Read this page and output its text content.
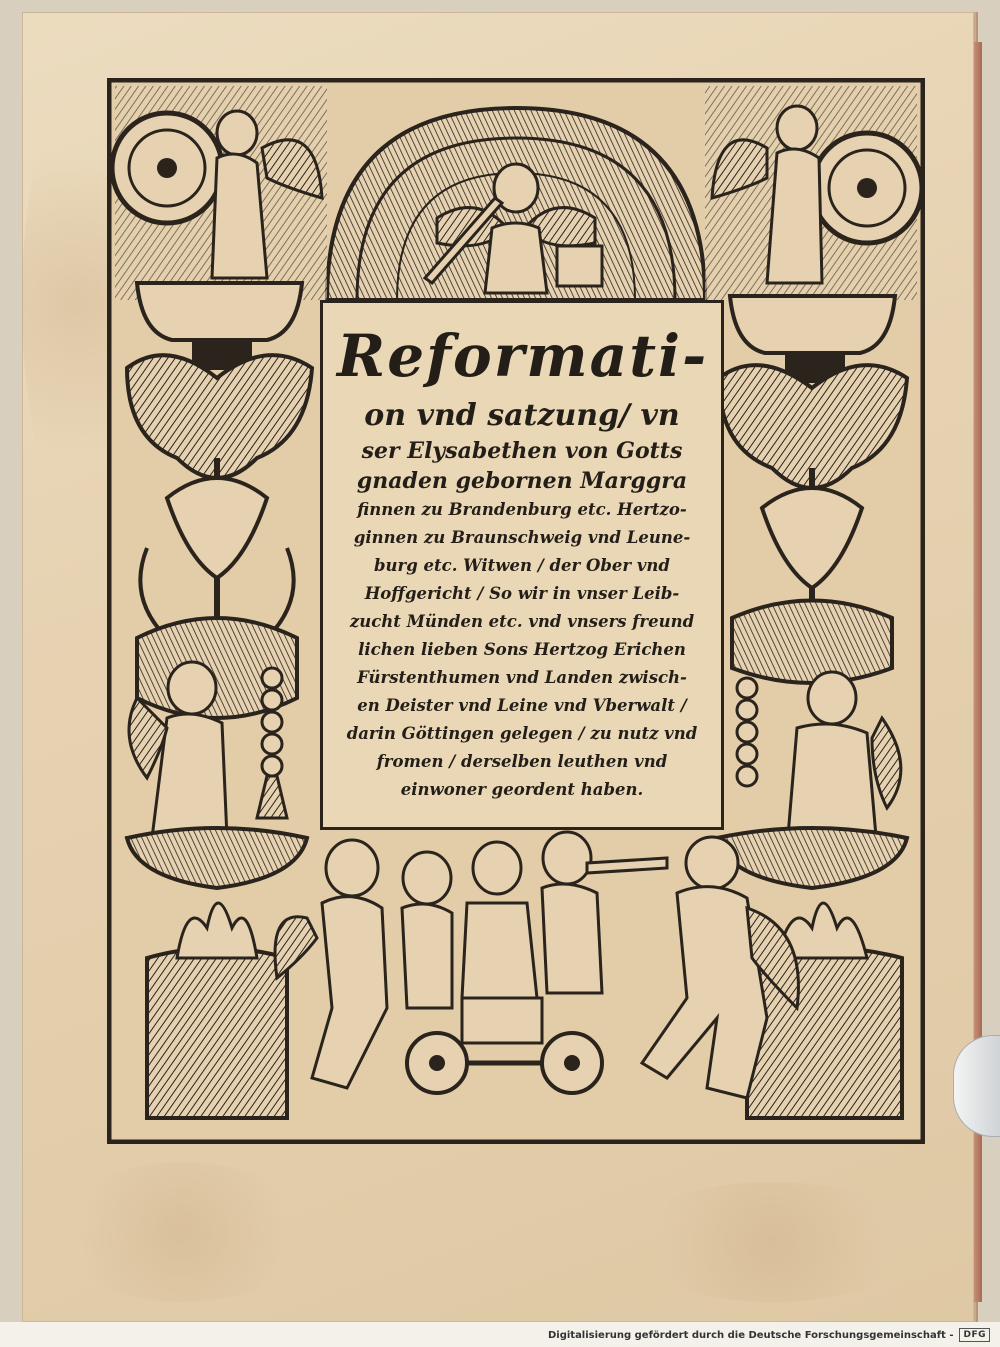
Reformati-
on vnd satzung/ vn
ser Elysabethen von Gotts
gnaden gebornen Marggra
finnen zu Brandenburg etc. Hertzo-
ginnen zu Braunschweig vnd Leune-
burg etc. Witwen / der Ober vnd
Hoffgericht / So wir in vnser Leib-
zucht Münden etc. vnd vnsers freund
lichen lieben Sons Hertzog Erichen
Fürstenthumen vnd Landen zwisch-
en Deister vnd Leine vnd Vberwalt /
darin Göttingen gelegen / zu nutz vnd
fromen / derselben leuthen vnd
einwoner geordent haben.
Digitalisierung gefördert durch die Deutsche Forschungsgemeinschaft -	DFG
